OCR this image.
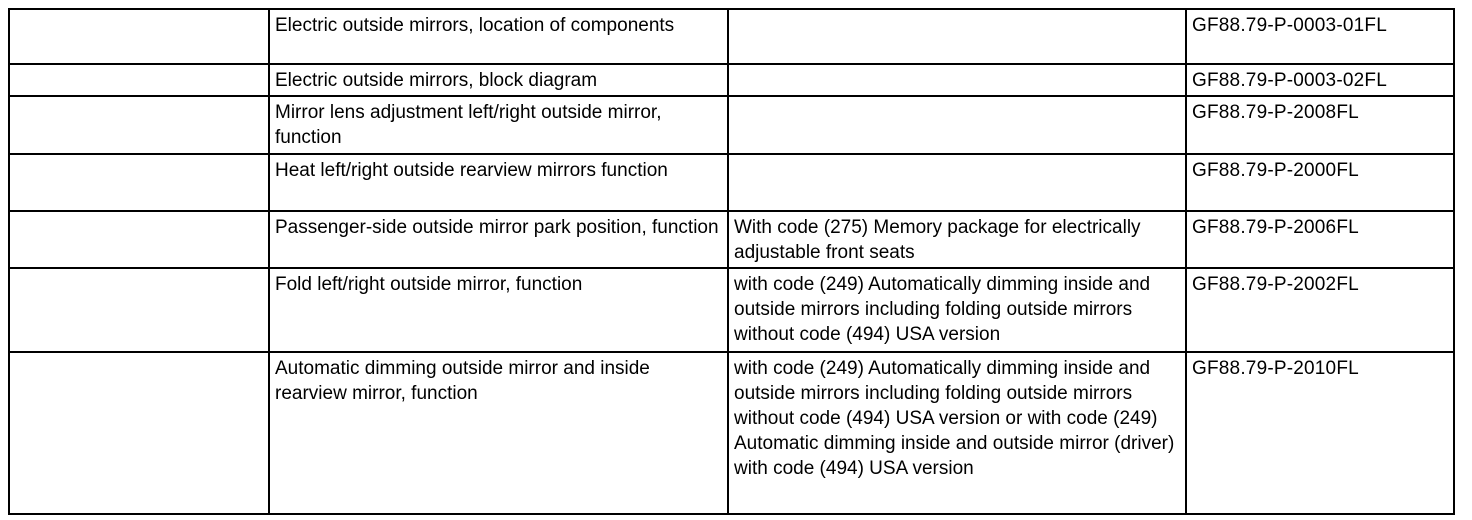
	Electric outside mirrors, location of components		GF88.79-P-0003-01FL
	Electric outside mirrors, block diagram		GF88.79-P-0003-02FL
	Mirror lens adjustment left/right outside mirror, function		GF88.79-P-2008FL
	Heat left/right outside rearview mirrors function		GF88.79-P-2000FL
	Passenger-side outside mirror park position, function	With code (275) Memory package for electrically adjustable front seats	GF88.79-P-2006FL
	Fold left/right outside mirror, function	with code (249) Automatically dimming inside and outside mirrors including folding outside mirrors without code (494) USA version	GF88.79-P-2002FL
	Automatic dimming outside mirror and inside rearview mirror, function	with code (249) Automatically dimming inside and outside mirrors including folding outside mirrors without code (494) USA version or with code (249) Automatic dimming inside and outside mirror (driver) with code (494) USA version	GF88.79-P-2010FL
